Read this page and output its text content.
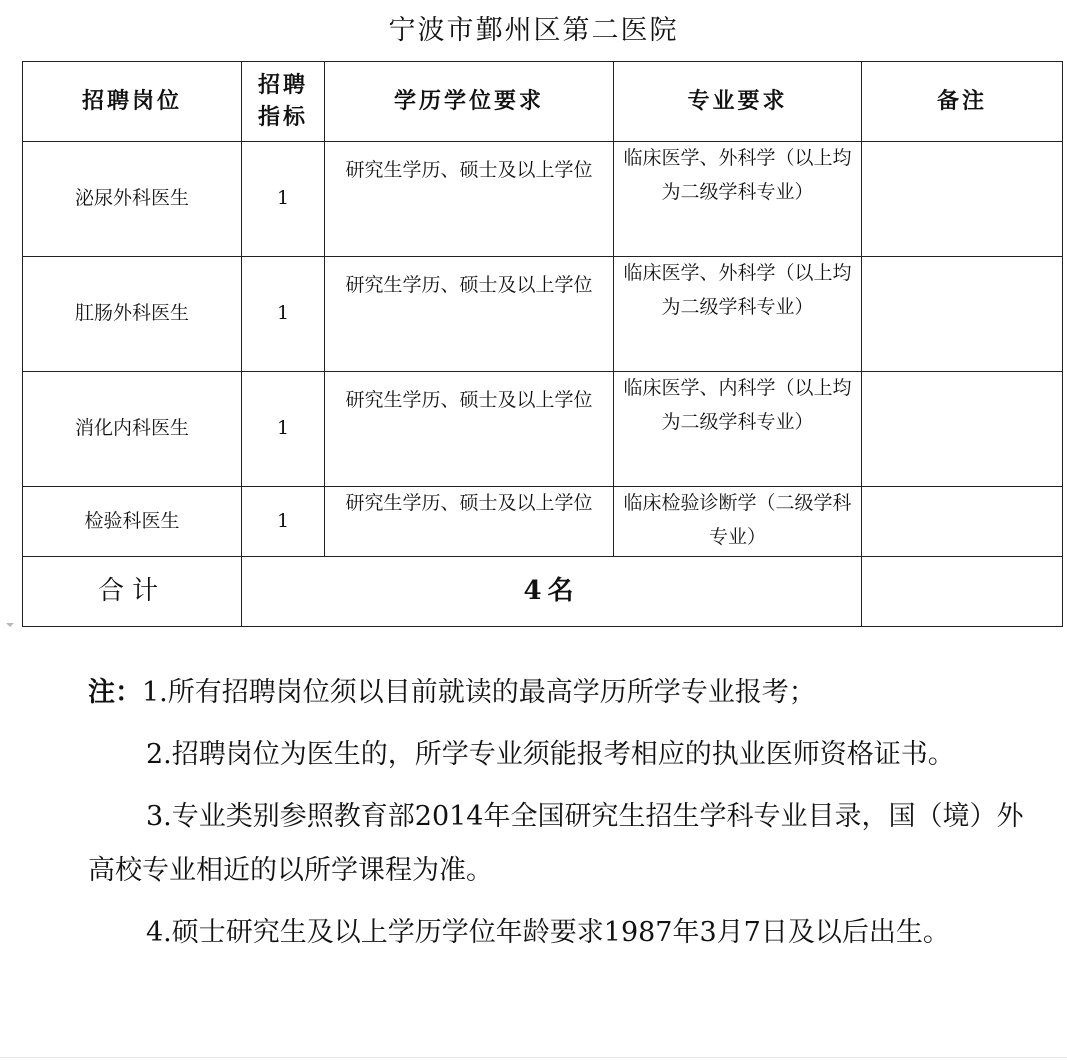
宁波市鄞州区第二医院
招聘岗位	招聘指标	学历学位要求	专业要求	备注
泌尿外科医生	1	研究生学历、硕士及以上学位	临床医学、外科学（以上均为二级学科专业）	
肛肠外科医生	1	研究生学历、硕士及以上学位	临床医学、外科学（以上均为二级学科专业）	
消化内科医生	1	研究生学历、硕士及以上学位	临床医学、内科学（以上均为二级学科专业）	
检验科医生	1	研究生学历、硕士及以上学位	临床检验诊断学（二级学科专业）	
合计	4名			

注：1.所有招聘岗位须以目前就读的最高学历所学专业报考；

2.招聘岗位为医生的，所学专业须能报考相应的执业医师资格证书。

3.专业类别参照教育部2014年全国研究生招生学科专业目录，国（境）外高校专业相近的以所学课程为准。

4.硕士研究生及以上学历学位年龄要求1987年3月7日及以后出生。
